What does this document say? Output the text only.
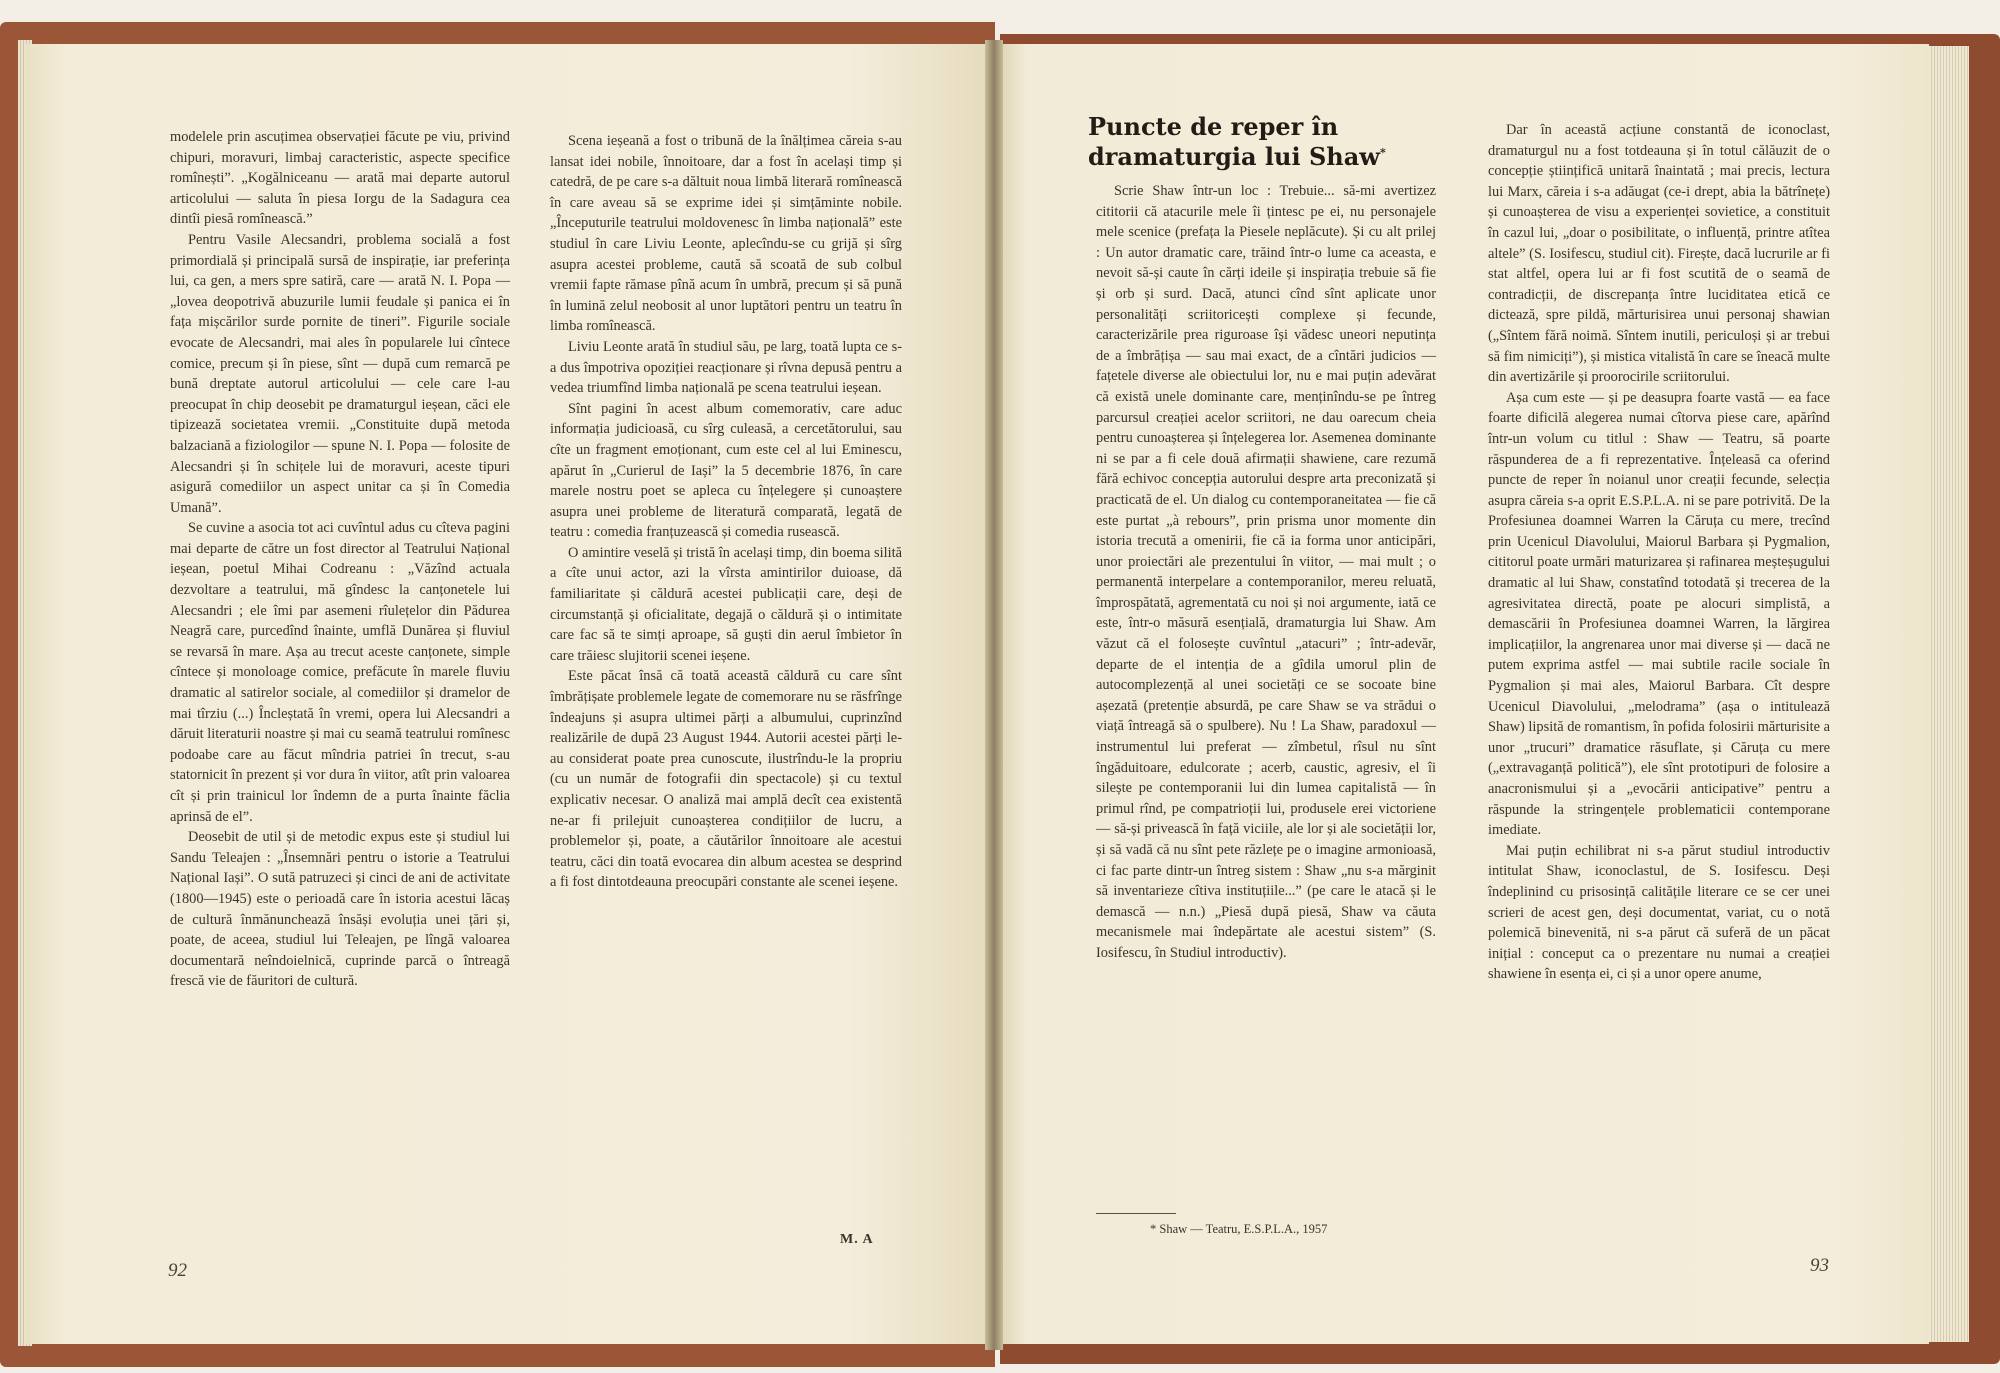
modelele prin ascuțimea observației făcute pe viu, privind chipuri, moravuri, limbaj caracteristic, aspecte specifice romînești”. „Kogălniceanu — arată mai departe autorul articolului — saluta în piesa Iorgu de la Sadagura cea dintîi piesă romînească.”

Pentru Vasile Alecsandri, problema socială a fost primordială și principală sursă de inspirație, iar preferința lui, ca gen, a mers spre satiră, care — arată N. I. Popa — „lovea deopotrivă abuzurile lumii feudale și panica ei în fața mișcărilor surde pornite de tineri”. Figurile sociale evocate de Alecsandri, mai ales în popularele lui cîntece comice, precum și în piese, sînt — după cum remarcă pe bună dreptate autorul articolului — cele care l-au preocupat în chip deosebit pe dramaturgul ieșean, căci ele tipizează societatea vremii. „Constituite după metoda balzaciană a fiziologilor — spune N. I. Popa — folosite de Alecsandri și în schițele lui de moravuri, aceste tipuri asigură comediilor un aspect unitar ca și în Comedia Umană”.

Se cuvine a asocia tot aci cuvîntul adus cu cîteva pagini mai departe de către un fost director al Teatrului Național ieșean, poetul Mihai Codreanu : „Văzînd actuala dezvoltare a teatrului, mă gîndesc la canțonetele lui Alecsandri ; ele îmi par asemeni rîulețelor din Pădurea Neagră care, purcedînd înainte, umflă Dunărea și fluviul se revarsă în mare. Așa au trecut aceste canțonete, simple cîntece și monoloage comice, prefăcute în marele fluviu dramatic al satirelor sociale, al comediilor și dramelor de mai tîrziu (...) Încleștată în vremi, opera lui Alecsandri a dăruit literaturii noastre și mai cu seamă teatrului romînesc podoabe care au făcut mîndria patriei în trecut, s-au statornicit în prezent și vor dura în viitor, atît prin valoarea cît și prin trainicul lor îndemn de a purta înainte făclia aprinsă de el”.

Deosebit de util și de metodic expus este și studiul lui Sandu Teleajen : „Însemnări pentru o istorie a Teatrului Național Iași”. O sută patruzeci și cinci de ani de activitate (1800—1945) este o perioadă care în istoria acestui lăcaș de cultură înmănunchează însăși evoluția unei țări și, poate, de aceea, studiul lui Teleajen, pe lîngă valoarea documentară neîndoielnică, cuprinde parcă o întreagă frescă vie de făuritori de cultură.

Scena ieșeană a fost o tribună de la înălțimea căreia s-au lansat idei nobile, înnoitoare, dar a fost în același timp și catedră, de pe care s-a dăltuit noua limbă literară romînească în care aveau să se exprime idei și simțăminte nobile. „Începuturile teatrului moldovenesc în limba națională” este studiul în care Liviu Leonte, aplecîndu-se cu grijă și sîrg asupra acestei probleme, caută să scoată de sub colbul vremii fapte rămase pînă acum în umbră, precum și să pună în lumină zelul neobosit al unor luptători pentru un teatru în limba romînească.

Liviu Leonte arată în studiul său, pe larg, toată lupta ce s-a dus împotriva opoziției reacționare și rîvna depusă pentru a vedea triumfînd limba națională pe scena teatrului ieșean.

Sînt pagini în acest album comemorativ, care aduc informația judicioasă, cu sîrg culeasă, a cercetătorului, sau cîte un fragment emoționant, cum este cel al lui Eminescu, apărut în „Curierul de Iași” la 5 decembrie 1876, în care marele nostru poet se apleca cu înțelegere și cunoaștere asupra unei probleme de literatură comparată, legată de teatru : comedia franțuzească și comedia rusească.

O amintire veselă și tristă în același timp, din boema silită a cîte unui actor, azi la vîrsta amintirilor duioase, dă familiaritate și căldură acestei publicații care, deși de circumstanță și oficialitate, degajă o căldură și o intimitate care fac să te simți aproape, să guști din aerul îmbietor în care trăiesc slujitorii scenei ieșene.

Este păcat însă că toată această căldură cu care sînt îmbrățișate problemele legate de comemorare nu se răsfrînge îndeajuns și asupra ultimei părți a albumului, cuprinzînd realizările de după 23 August 1944. Autorii acestei părți le-au considerat poate prea cunoscute, ilustrîndu-le la propriu (cu un număr de fotografii din spectacole) și cu textul explicativ necesar. O analiză mai amplă decît cea existentă ne-ar fi prilejuit cunoașterea condițiilor de lucru, a problemelor și, poate, a căutărilor înnoitoare ale acestui teatru, căci din toată evocarea din album acestea se desprind a fi fost dintotdeauna preocupări constante ale scenei ieșene.

M. A
92
Puncte de reper în dramaturgia lui Shaw*

Scrie Shaw într-un loc : Trebuie... să-mi avertizez cititorii că atacurile mele îi țintesc pe ei, nu personajele mele scenice (prefața la Piesele neplăcute). Și cu alt prilej : Un autor dramatic care, trăind într-o lume ca aceasta, e nevoit să-și caute în cărți ideile și inspirația trebuie să fie și orb și surd. Dacă, atunci cînd sînt aplicate unor personalități scriitoricești complexe și fecunde, caracterizările prea riguroase își vădesc uneori neputința de a îmbrățișa — sau mai exact, de a cîntări judicios — fațetele diverse ale obiectului lor, nu e mai puțin adevărat că există unele dominante care, menținîndu-se pe întreg parcursul creației acelor scriitori, ne dau oarecum cheia pentru cunoașterea și înțelegerea lor. Asemenea dominante ni se par a fi cele două afirmații shawiene, care rezumă fără echivoc concepția autorului despre arta preconizată și practicată de el. Un dialog cu contemporaneitatea — fie că este purtat „à rebours”, prin prisma unor momente din istoria trecută a omenirii, fie că ia forma unor anticipări, unor proiectări ale prezentului în viitor, — mai mult ; o permanentă interpelare a contemporanilor, mereu reluată, împrospătată, agrementată cu noi și noi argumente, iată ce este, într-o măsură esențială, dramaturgia lui Shaw. Am văzut că el folosește cuvîntul „atacuri” ; într-adevăr, departe de el intenția de a gîdila umorul plin de autocomplezență al unei societăți ce se socoate bine așezată (pretenție absurdă, pe care Shaw se va strădui o viață întreagă să o spulbere). Nu ! La Shaw, paradoxul — instrumentul lui preferat — zîmbetul, rîsul nu sînt îngăduitoare, edulcorate ; acerb, caustic, agresiv, el îi silește pe contemporanii lui din lumea capitalistă — în primul rînd, pe compatrioții lui, produsele erei victoriene — să-și privească în față viciile, ale lor și ale societății lor, și să vadă că nu sînt pete răzlețe pe o imagine armonioasă, ci fac parte dintr-un întreg sistem : Shaw „nu s-a mărginit să inventarieze cîtiva instituțiile...” (pe care le atacă și le demască — n.n.) „Piesă după piesă, Shaw va căuta mecanismele mai îndepărtate ale acestui sistem” (S. Iosifescu, în Studiul introductiv).

* Shaw — Teatru, E.S.P.L.A., 1957

Dar în această acțiune constantă de iconoclast, dramaturgul nu a fost totdeauna și în totul călăuzit de o concepție științifică unitară înaintată ; mai precis, lectura lui Marx, căreia i s-a adăugat (ce-i drept, abia la bătrînețe) și cunoașterea de visu a experienței sovietice, a constituit în cazul lui, „doar o posibilitate, o influență, printre atîtea altele” (S. Iosifescu, studiul cit). Firește, dacă lucrurile ar fi stat altfel, opera lui ar fi fost scutită de o seamă de contradicții, de discrepanța între luciditatea etică ce dictează, spre pildă, mărturisirea unui personaj shawian („Sîntem fără noimă. Sîntem inutili, periculoși și ar trebui să fim nimiciți”), și mistica vitalistă în care se îneacă multe din avertizările și proorocirile scriitorului.

Așa cum este — și pe deasupra foarte vastă — ea face foarte dificilă alegerea numai cîtorva piese care, apărînd într-un volum cu titlul : Shaw — Teatru, să poarte răspunderea de a fi reprezentative. Înțeleasă ca oferind puncte de reper în noianul unor creații fecunde, selecția asupra căreia s-a oprit E.S.P.L.A. ni se pare potrivită. De la Profesiunea doamnei Warren la Căruța cu mere, trecînd prin Ucenicul Diavolului, Maiorul Barbara și Pygmalion, cititorul poate urmări maturizarea și rafinarea meșteșugului dramatic al lui Shaw, constatînd totodată și trecerea de la agresivitatea directă, poate pe alocuri simplistă, a demascării în Profesiunea doamnei Warren, la lărgirea implicațiilor, la angrenarea unor mai diverse și — dacă ne putem exprima astfel — mai subtile racile sociale în Pygmalion și mai ales, Maiorul Barbara. Cît despre Ucenicul Diavolului, „melodrama” (așa o intitulează Shaw) lipsită de romantism, în pofida folosirii mărturisite a unor „trucuri” dramatice răsuflate, și Căruța cu mere („extravaganță politică”), ele sînt prototipuri de folosire a anacronismului și a „evocării anticipative” pentru a răspunde la stringențele problematicii contemporane imediate.

Mai puțin echilibrat ni s-a părut studiul introductiv intitulat Shaw, iconoclastul, de S. Iosifescu. Deși îndeplinind cu prisosință calitățile literare ce se cer unei scrieri de acest gen, deși documentat, variat, cu o notă polemică binevenită, ni s-a părut că suferă de un păcat inițial : conceput ca o prezentare nu numai a creației shawiene în esența ei, ci și a unor opere anume,

93
